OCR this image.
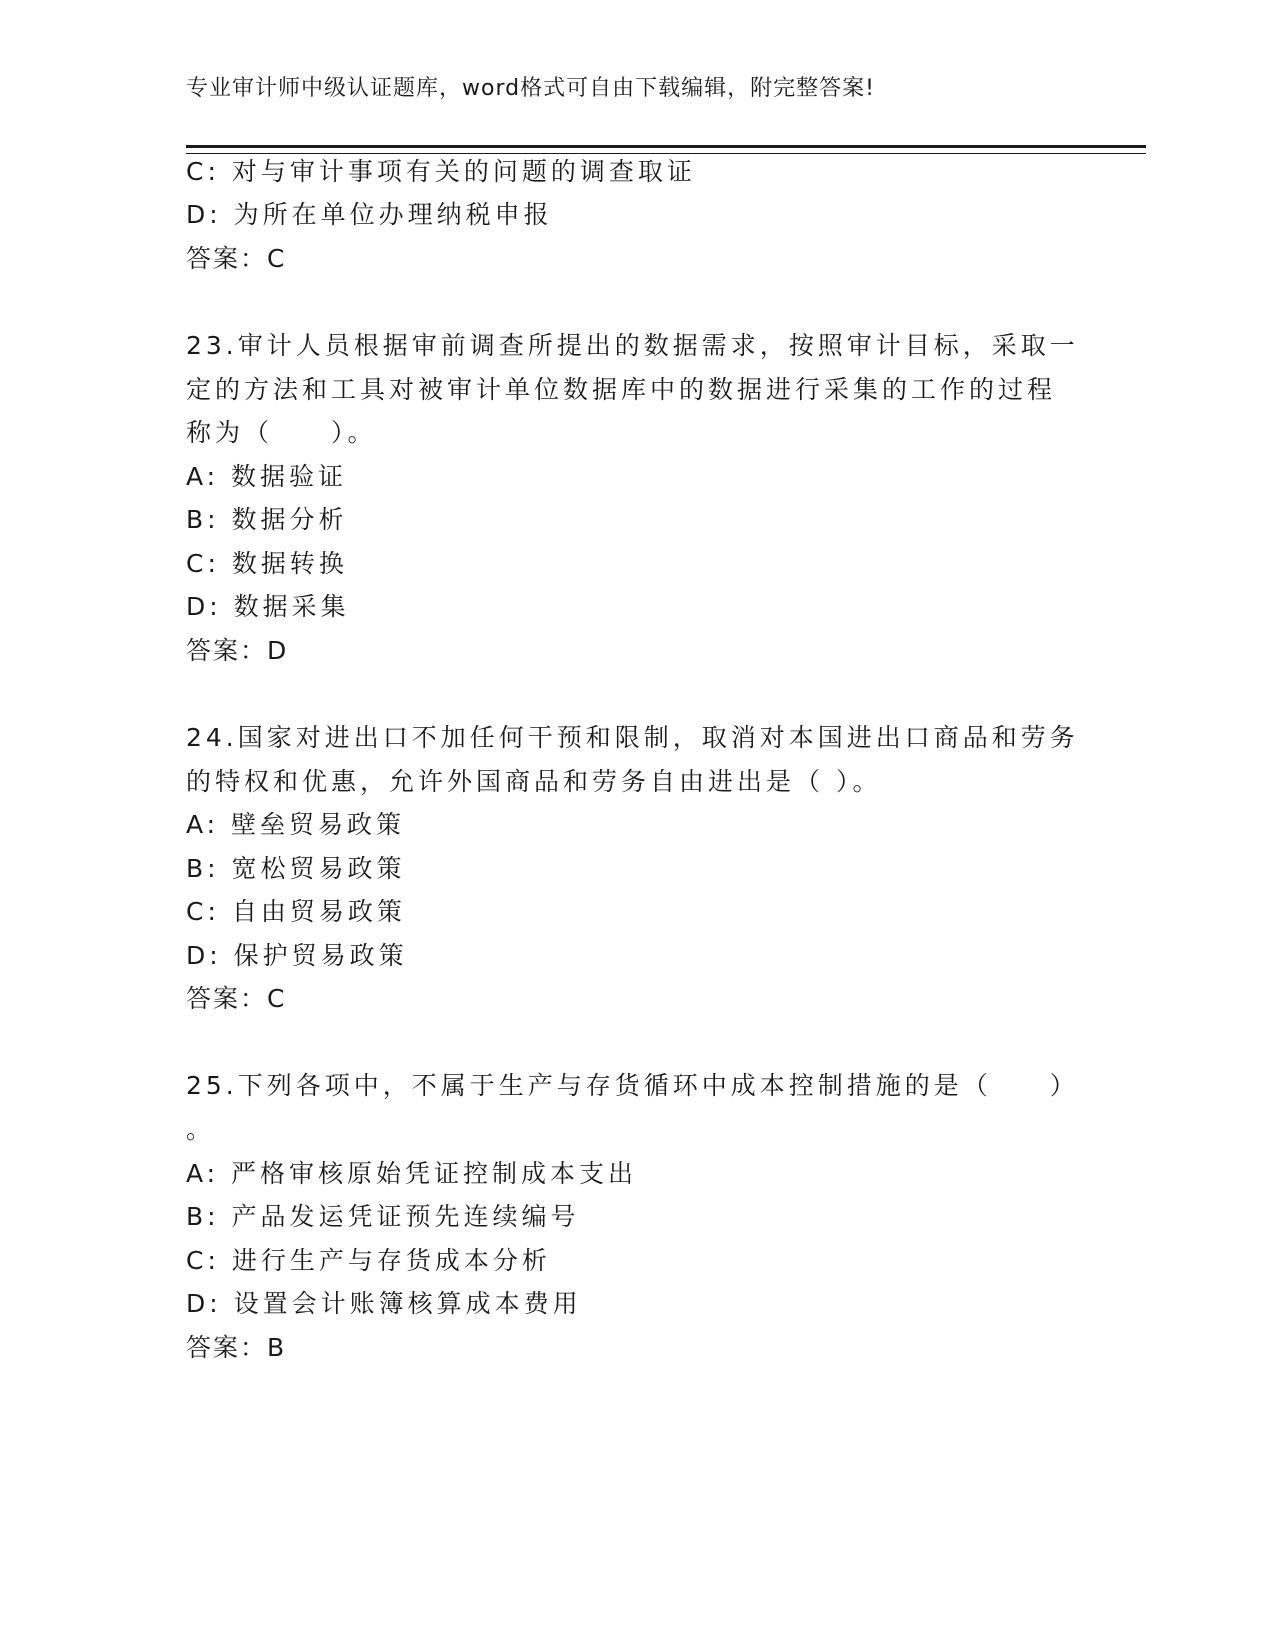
专业审计师中级认证题库，word格式可自由下载编辑，附完整答案!
C: 对与审计事项有关的问题的调查取证
D: 为所在单位办理纳税申报
答案：C
23.审计人员根据审前调查所提出的数据需求，按照审计目标，采取一
定的方法和工具对被审计单位数据库中的数据进行采集的工作的过程
称为（　　）。
A: 数据验证
B: 数据分析
C: 数据转换
D: 数据采集
答案：D
24.国家对进出口不加任何干预和限制，取消对本国进出口商品和劳务
的特权和优惠，允许外国商品和劳务自由进出是（ ）。
A: 壁垒贸易政策
B: 宽松贸易政策
C: 自由贸易政策
D: 保护贸易政策
答案：C
25.下列各项中，不属于生产与存货循环中成本控制措施的是（　　）
。
A: 严格审核原始凭证控制成本支出
B: 产品发运凭证预先连续编号
C: 进行生产与存货成本分析
D: 设置会计账簿核算成本费用
答案：B
